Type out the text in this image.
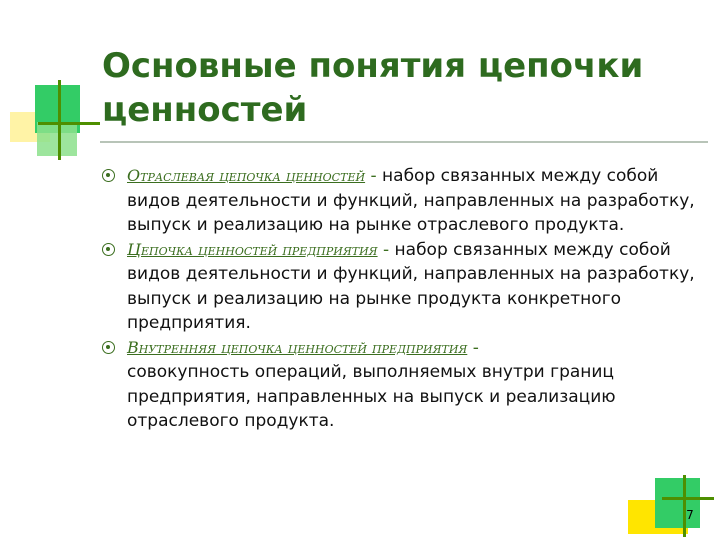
Основные понятия цепочки ценностей
Отраслевая цепочка ценностей - набор связанных между собой видов деятельности и функций, направленных на разработку, выпуск и реализацию на рынке отраслевого продукта.
Цепочка ценностей предприятия - набор связанных между собой видов деятельности и функций, направленных на разработку, выпуск и реализацию на рынке продукта конкретного предприятия.
Внутренняя цепочка ценностей предприятия -
совокупность операций, выполняемых внутри границ предприятия, направленных на выпуск и реализацию отраслевого продукта.
7
